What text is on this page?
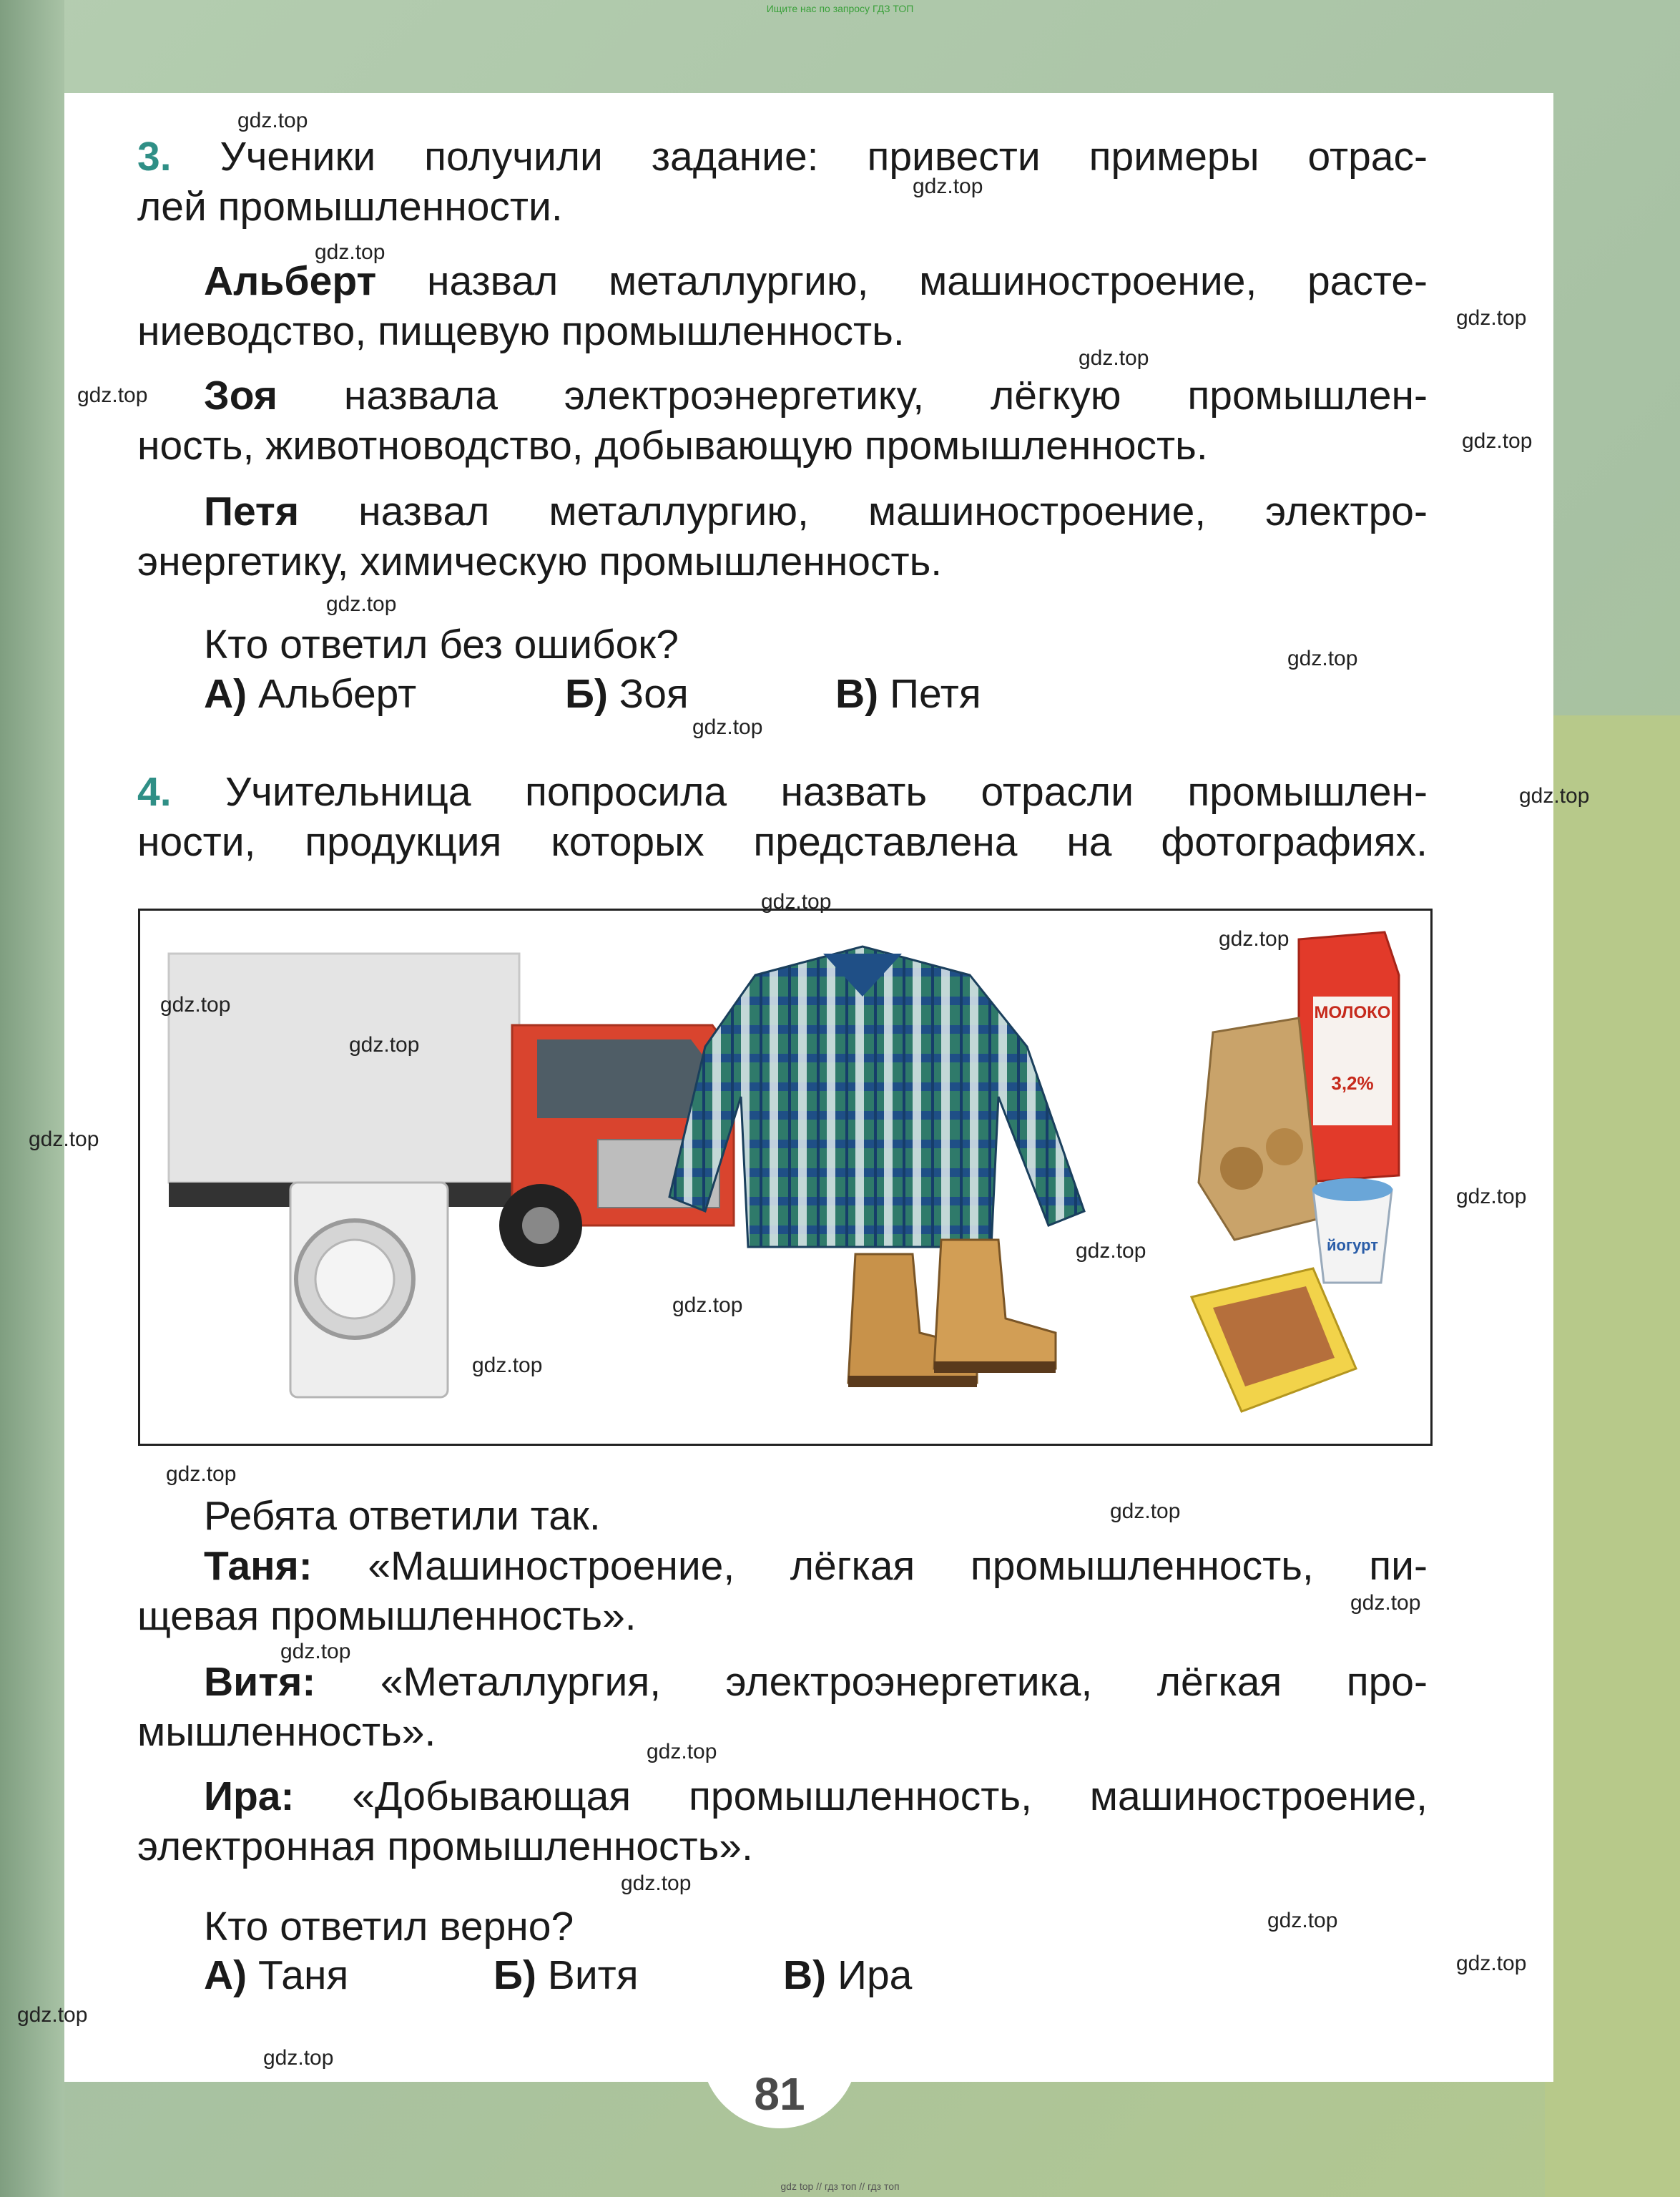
Ищите нас по запросу ГДЗ ТОП
81
3. Ученики получили задание: привести примеры отрас-
лей промышленности.
Альберт назвал металлургию, машиностроение, расте-
ниеводство, пищевую промышленность.
Зоя назвала электроэнергетику, лёгкую промышлен-
ность, животноводство, добывающую промышленность.
Петя назвал металлургию, машиностроение, электро-
энергетику, химическую промышленность.
Кто ответил без ошибок?
А) Альберт	Б) Зоя	В) Петя
4. Учительница попросила назвать отрасли промышлен-
ности, продукция которых представлена на фотографиях.
МОЛОКО
3,2%
йогурт
Ребята ответили так.
Таня: «Машиностроение, лёгкая промышленность, пи-
щевая промышленность».
Витя: «Металлургия, электроэнергетика, лёгкая про-
мышленность».
Ира: «Добывающая промышленность, машиностроение,
электронная промышленность».
Кто ответил верно?
А) Таня	Б) Витя	В) Ира
gdz.top
gdz.top
gdz.top
gdz.top
gdz.top
gdz.top
gdz.top
gdz.top
gdz.top
gdz.top
gdz.top
gdz.top
gdz.top
gdz.top
gdz.top
gdz.top
gdz.top
gdz.top
gdz.top
gdz.top
gdz.top
gdz.top
gdz.top
gdz.top
gdz.top
gdz.top
gdz.top
gdz.top
gdz.top
gdz.top
gdz top // гдз топ // гдз топ
